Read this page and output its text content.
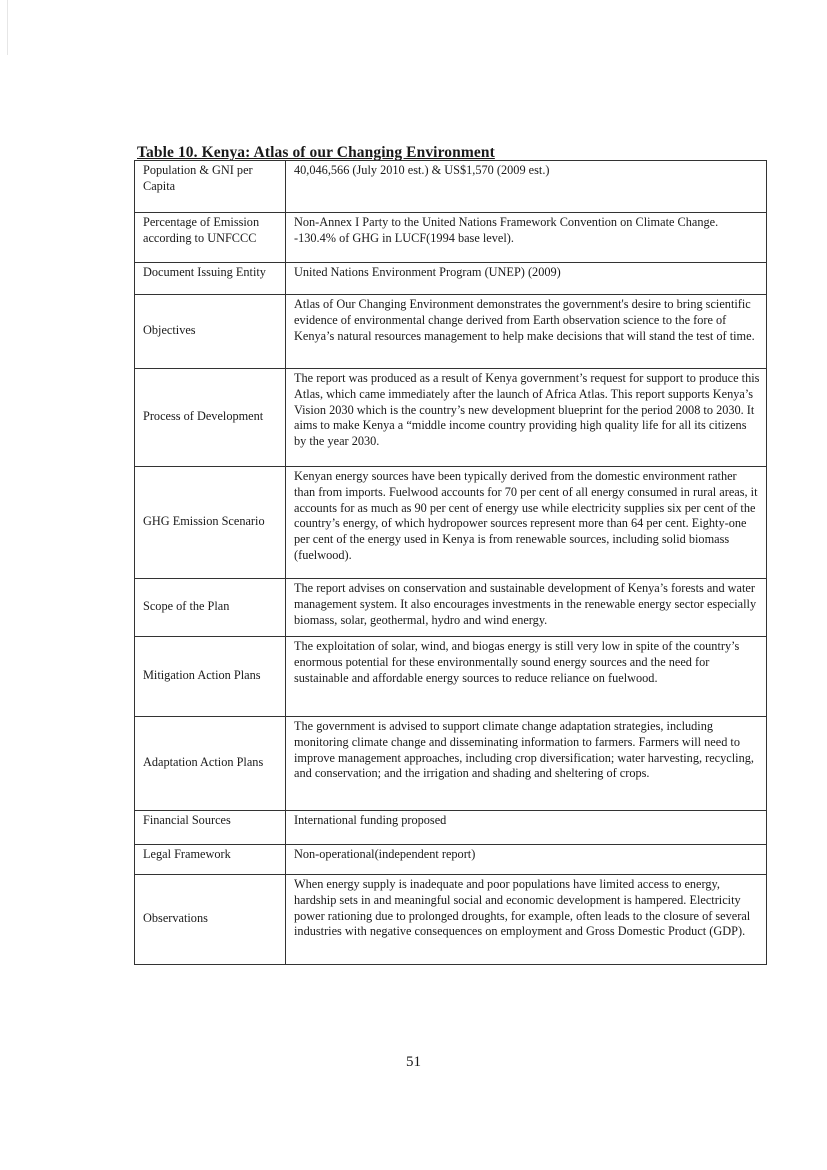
Table 10. Kenya: Atlas of our Changing Environment
Population & GNI per Capita	40,046,566 (July 2010 est.) & US$1,570 (2009 est.)
Percentage of Emission according to UNFCCC	Non-Annex I Party to the United Nations Framework Convention on Climate Change. -130.4% of GHG in LUCF(1994 base level).
Document Issuing Entity	United Nations Environment Program (UNEP) (2009)
Objectives	Atlas of Our Changing Environment demonstrates the government's desire to bring scientific evidence of environmental change derived from Earth observation science to the fore of Kenya’s natural resources management to help make decisions that will stand the test of time.
Process of Development	The report was produced as a result of Kenya government’s request for support to produce this Atlas, which came immediately after the launch of Africa Atlas. This report supports Kenya’s Vision 2030 which is the country’s new development blueprint for the period 2008 to 2030. It aims to make Kenya a “middle income country providing high quality life for all its citizens by the year 2030.
GHG Emission Scenario	Kenyan energy sources have been typically derived from the domestic environment rather than from imports. Fuelwood accounts for 70 per cent of all energy consumed in rural areas, it accounts for as much as 90 per cent of energy use while electricity supplies six per cent of the country’s energy, of which hydropower sources represent more than 64 per cent. Eighty-one per cent of the energy used in Kenya is from renewable sources, including solid biomass (fuelwood).
Scope of the Plan	The report advises on conservation and sustainable development of Kenya’s forests and water management system. It also encourages investments in the renewable energy sector especially biomass, solar, geothermal, hydro and wind energy.
Mitigation Action Plans	The exploitation of solar, wind, and biogas energy is still very low in spite of the country’s enormous potential for these environmentally sound energy sources and the need for sustainable and affordable energy sources to reduce reliance on fuelwood.
Adaptation Action Plans	The government is advised to support climate change adaptation strategies, including monitoring climate change and disseminating information to farmers. Farmers will need to improve management approaches, including crop diversification; water harvesting, recycling, and conservation; and the irrigation and shading and sheltering of crops.
Financial Sources	International funding proposed
Legal Framework	Non-operational(independent report)
Observations	When energy supply is inadequate and poor populations have limited access to energy, hardship sets in and meaningful social and economic development is hampered. Electricity power rationing due to prolonged droughts, for example, often leads to the closure of several industries with negative consequences on employment and Gross Domestic Product (GDP).
51
